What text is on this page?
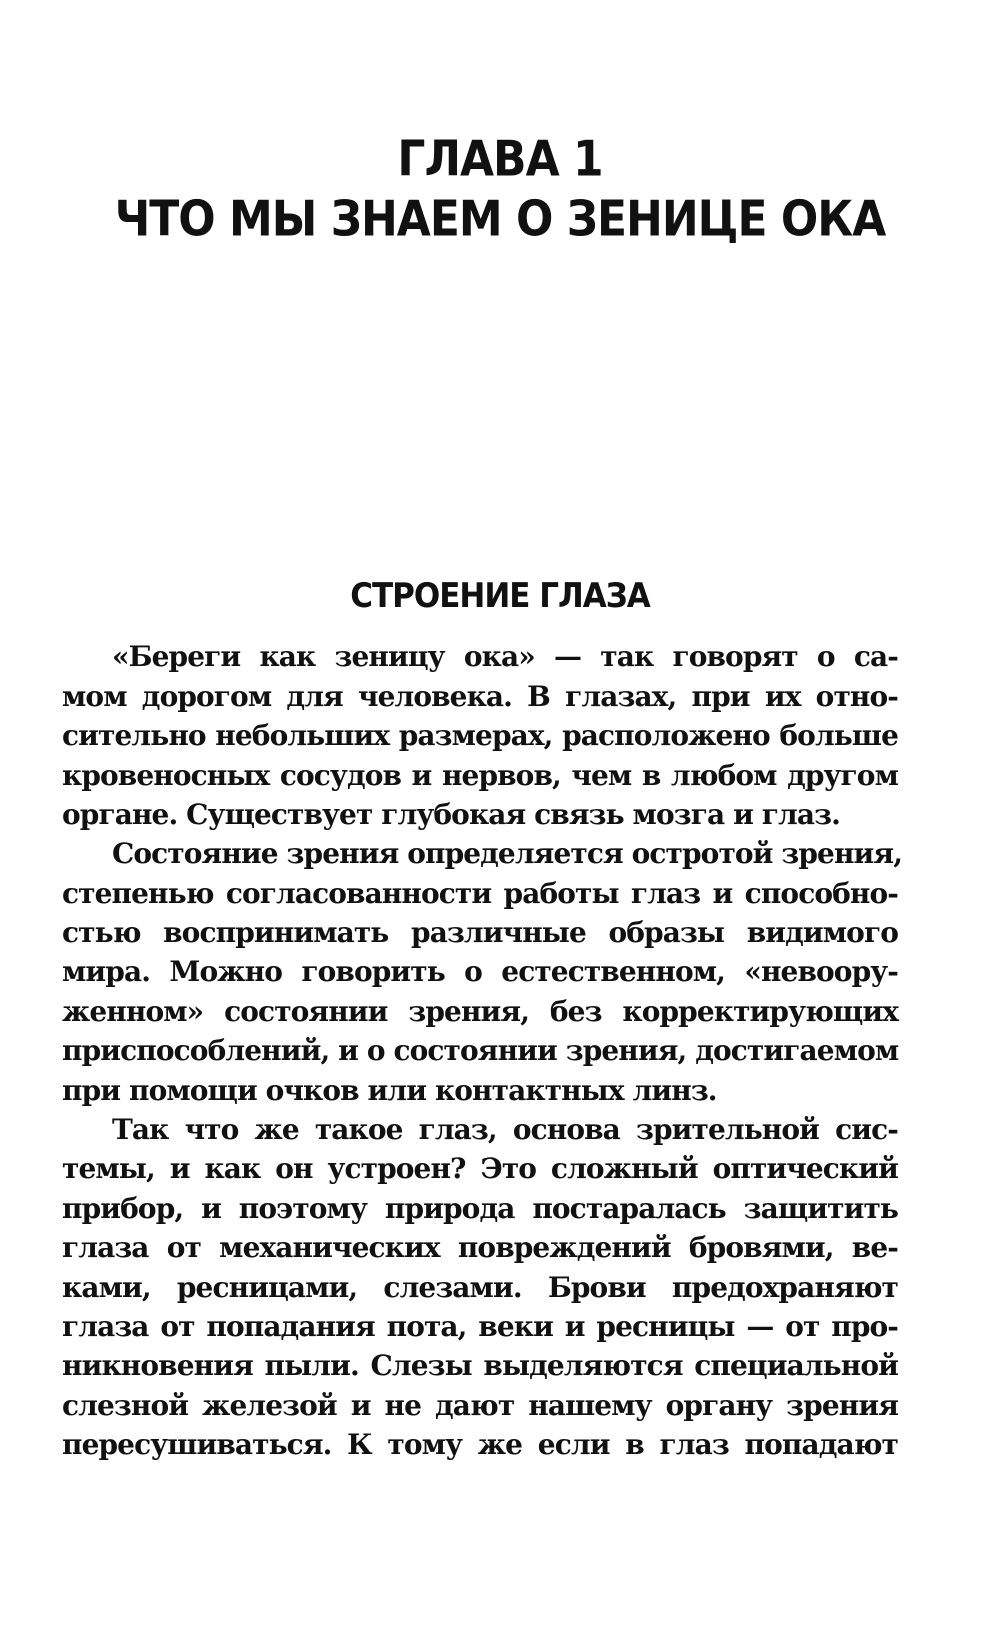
ГЛАВА 1
ЧТО МЫ ЗНАЕМ О ЗЕНИЦЕ ОКА
СТРОЕНИЕ ГЛАЗА
«Береги как зеницу ока» — так говорят о са-
мом дорогом для человека. В глазах, при их отно-
сительно небольших размерах, расположено больше
кровеносных сосудов и нервов, чем в любом другом
органе. Существует глубокая связь мозга и глаз.
Состояние зрения определяется остротой зрения,
степенью согласованности работы глаз и способно-
стью воспринимать различные образы видимого
мира. Можно говорить о естественном, «невоору-
женном» состоянии зрения, без корректирующих
приспособлений, и о состоянии зрения, достигаемом
при помощи очков или контактных линз.
Так что же такое глаз, основа зрительной сис-
темы, и как он устроен? Это сложный оптический
прибор, и поэтому природа постаралась защитить
глаза от механических повреждений бровями, ве-
ками, ресницами, слезами. Брови предохраняют
глаза от попадания пота, веки и ресницы — от про-
никновения пыли. Слезы выделяются специальной
слезной железой и не дают нашему органу зрения
пересушиваться. К тому же если в глаз попадают
